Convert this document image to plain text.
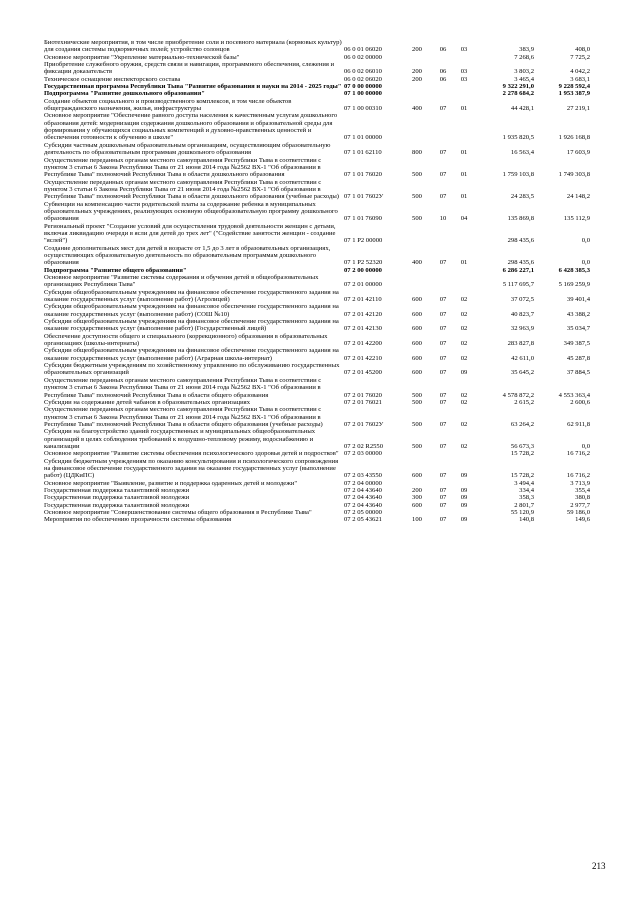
Биотехнические мероприятия, в том числе приобретение соли и посевного материала (кормовых культур) для создания системы подкормочных полей; устройство солонцов	06 0 01 06020	200	06	03	383,9	408,0
Основное мероприятие "Укрепление материально-технической базы"	06 0 02 00000	7 268,6	7 725,2
Приобретение служебного оружия, средств связи и навигации, программного обеспечения, слежения и фиксации доказательств	06 0 02 06010	200	06	03	3 803,2	4 042,2
Техническое оснащение инспекторского состава	06 0 02 06020	200	06	03	3 465,4	3 683,1
Государственная программа Республики Тыва "Развитие образования и науки на 2014 - 2025 годы" 07 0 00 00000	9 322 291,0	9 228 592,4
Подпрограмма "Развитие дошкольного образования"	07 1 00 00000	2 278 684,2	1 953 387,9
Создание объектов социального и производственного комплексов, в том числе объектов общегражданского назначения, жилья, инфраструктуры	07 1 00 00310	400	07	01	44 428,1	27 219,1
Основное мероприятие "Обеспечение равного доступа населения к качественным услугам дошкольного образования детей: модернизация содержания дошкольного образования и образовательной среды для формирования у обучающихся социальных компетенций и духовно-нравственных ценностей и обеспечения готовности к обучению в школе"	07 1 01 00000	1 935 820,5	1 926 168,8
Субсидии частным дошкольным образовательным организациям, осуществляющим образовательную деятельность по образовательным программам дошкольного образования	07 1 01 62110	800	07	01	16 563,4	17 603,9
Осуществление переданных органам местного самоуправления Республики Тыва в соответствии с пунктом 3 статьи 6 Закона Республики Тыва от 21 июня 2014 года №2562 ВХ-1 "Об образовании в Республике Тыва" полномочий Республики Тыва в области дошкольного образования	07 1 01 76020	500	07	01	1 759 103,8	1 749 303,8
Осуществление переданных органам местного самоуправления Республики Тыва в соответствии с пунктом 3 статьи 6 Закона Республики Тыва от 21 июня 2014 года №2562 ВХ-1 "Об образовании в Республике Тыва" полномочий Республики Тыва в области дошкольного образования (учебные расходы) 07 1 01 7602У	500	07	01	24 283,5	24 148,2
Субвенции на компенсацию части родительской платы за содержание ребенка в муниципальных образовательных учреждениях, реализующих основную общеобразовательную программу дошкольного образования	07 1 01 76090	500	10	04	135 869,8	135 112,9
Региональный проект "Создание условий для осуществления трудовой деятельности женщин с детьми, включая ликвидацию очереди в ясли для детей до трех лет" ("Содействие занятости женщин - создание "яслей")	07 1 P2 00000	298 435,6	0,0
Создание дополнительных мест для детей в возрасте от 1,5 до 3 лет в образовательных организациях, осуществляющих образовательную деятельность по образовательным программам дошкольного образования	07 1 P2 52320	400	07	01	298 435,6	0,0
Подпрограмма "Развитие общего образования"	07 2 00 00000	6 286 227,1	6 428 385,3
Основное мероприятие "Развитие системы содержания и обучения детей в общеобразовательных организациях Республики Тыва"	07 2 01 00000	5 117 695,7	5 169 259,9
Субсидии общеобразовательным учреждениям на финансовое обеспечение государственного задания на оказание государственных услуг (выполнение работ) (Агролицей)	07 2 01 42110	600	07	02	37 072,5	39 401,4
Субсидии общеобразовательным учреждениям на финансовое обеспечение государственного задания на оказание государственных услуг (выполнение работ) (СОШ №10)	07 2 01 42120	600	07	02	40 823,7	43 388,2
Субсидии общеобразовательным учреждениям на финансовое обеспечение государственного задания на оказание государственных услуг (выполнение работ) (Государственный лицей)	07 2 01 42130	600	07	02	32 963,9	35 034,7
Обеспечение доступности общего и специального (коррекционного) образования в образовательных организациях (школы-интернаты)	07 2 01 42200	600	07	02	283 827,8	349 387,5
Субсидии общеобразовательным учреждениям на финансовое обеспечение государственного задания на оказание государственных услуг (выполнение работ) (Аграрная школа-интернат)	07 2 01 42210	600	07	02	42 611,0	45 287,8
Субсидии бюджетным учреждениям по хозяйственному управлению по обслуживанию государственных образовательных организаций	07 2 01 45200	600	07	09	35 645,2	37 884,5
Осуществление переданных органам местного самоуправления Республики Тыва в соответствии с пунктом 3 статьи 6 Закона Республики Тыва от 21 июня 2014 года №2562 ВХ-1 "Об образовании в Республике Тыва" полномочий Республики Тыва в области общего образования	07 2 01 76020	500	07	02	4 578 872,2	4 553 363,4
Субсидии на содержание детей чабанов в образовательных организациях	07 2 01 76021	500	07	02	2 615,2	2 600,6
Осуществление переданных органам местного самоуправления Республики Тыва в соответствии с пунктом 3 статьи 6 Закона Республики Тыва от 21 июня 2014 года №2562 ВХ-1 "Об образовании в Республике Тыва" полномочий Республики Тыва в области общего образования (учебные расходы)	07 2 01 7602У	500	07	02	63 264,2	62 911,8
Субсидии на благоустройство зданий государственных и муниципальных общеобразовательных организаций в целях соблюдения требований к воздушно-тепловому режиму, водоснабжению и канализации	07 2 02 R2550	500	07	02	56 673,3	0,0
Основное мероприятие "Развитие системы обеспечения психологического здоровья детей и подростков" 07 2 03 00000	15 728,2	16 716,2
Субсидии бюджетным учреждениям по оказанию консультирования и психологического сопровождения на финансовое обеспечение государственного задания на оказание государственных услуг (выполнение работ) (ЦДКиПС)	07 2 03 43550	600	07	09	15 728,2	16 716,2
Основное мероприятие "Выявление, развитие и поддержка одаренных детей и молодежи"	07 2 04 00000	3 494,4	3 713,9
Государственная поддержка талантливой молодежи	07 2 04 43640	200	07	09	334,4	355,4
Государственная поддержка талантливой молодежи	07 2 04 43640	300	07	09	358,3	380,8
Государственная поддержка талантливой молодежи	07 2 04 43640	600	07	09	2 801,7	2 977,7
Основное мероприятие "Совершенствование системы общего образования в Республике Тыва"	07 2 05 00000	55 120,9	59 186,0
Мероприятия по обеспечению прозрачности системы образования	07 2 05 43621	100	07	09	140,8	149,6
213
